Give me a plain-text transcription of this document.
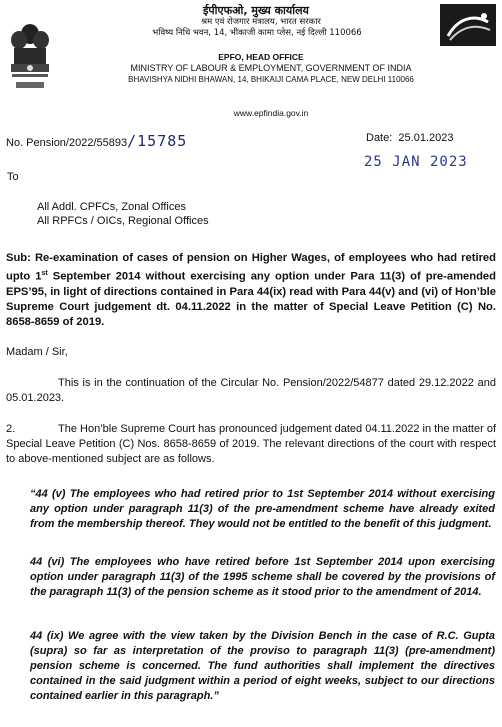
ईपीएफओ, मुख्य कार्यालय
श्रम एवं रोजगार मंत्रालय, भारत सरकार
भविष्य निधि भवन, 14, भीकाजी कामा प्लेस, नई दिल्ली 110066
EPFO, HEAD OFFICE
MINISTRY OF LABOUR & EMPLOYMENT, GOVERNMENT OF INDIA
BHAVISHYA NIDHI BHAWAN, 14, BHIKAIJI CAMA PLACE, NEW DELHI 110066
www.epfindia.gov.in
No. Pension/2022/55893/15785	Date: 25.01.2023
25 JAN 2023
To
All Addl. CPFCs, Zonal Offices
All RPFCs / OICs, Regional Offices
Sub: Re-examination of cases of pension on Higher Wages, of employees who had retired upto 1st September 2014 without exercising any option under Para 11(3) of pre-amended EPS’95, in light of directions contained in Para 44(ix) read with Para 44(v) and (vi) of Hon’ble Supreme Court judgement dt. 04.11.2022 in the matter of Special Leave Petition (C) No. 8658-8659 of 2019.
Madam / Sir,
This is in the continuation of the Circular No. Pension/2022/54877 dated 29.12.2022 and 05.01.2023.
2.	The Hon’ble Supreme Court has pronounced judgement dated 04.11.2022 in the matter of Special Leave Petition (C) Nos. 8658-8659 of 2019. The relevant directions of the court with respect to above-mentioned subject are as follows.
“44 (v) The employees who had retired prior to 1st September 2014 without exercising any option under paragraph 11(3) of the pre-amendment scheme have already exited from the membership thereof. They would not be entitled to the benefit of this judgment.
44 (vi) The employees who have retired before 1st September 2014 upon exercising option under paragraph 11(3) of the 1995 scheme shall be covered by the provisions of the paragraph 11(3) of the pension scheme as it stood prior to the amendment of 2014.
44 (ix) We agree with the view taken by the Division Bench in the case of R.C. Gupta (supra) so far as interpretation of the proviso to paragraph 11(3) (pre-amendment) pension scheme is concerned. The fund authorities shall implement the directives contained in the said judgment within a period of eight weeks, subject to our directions contained earlier in this paragraph.”
